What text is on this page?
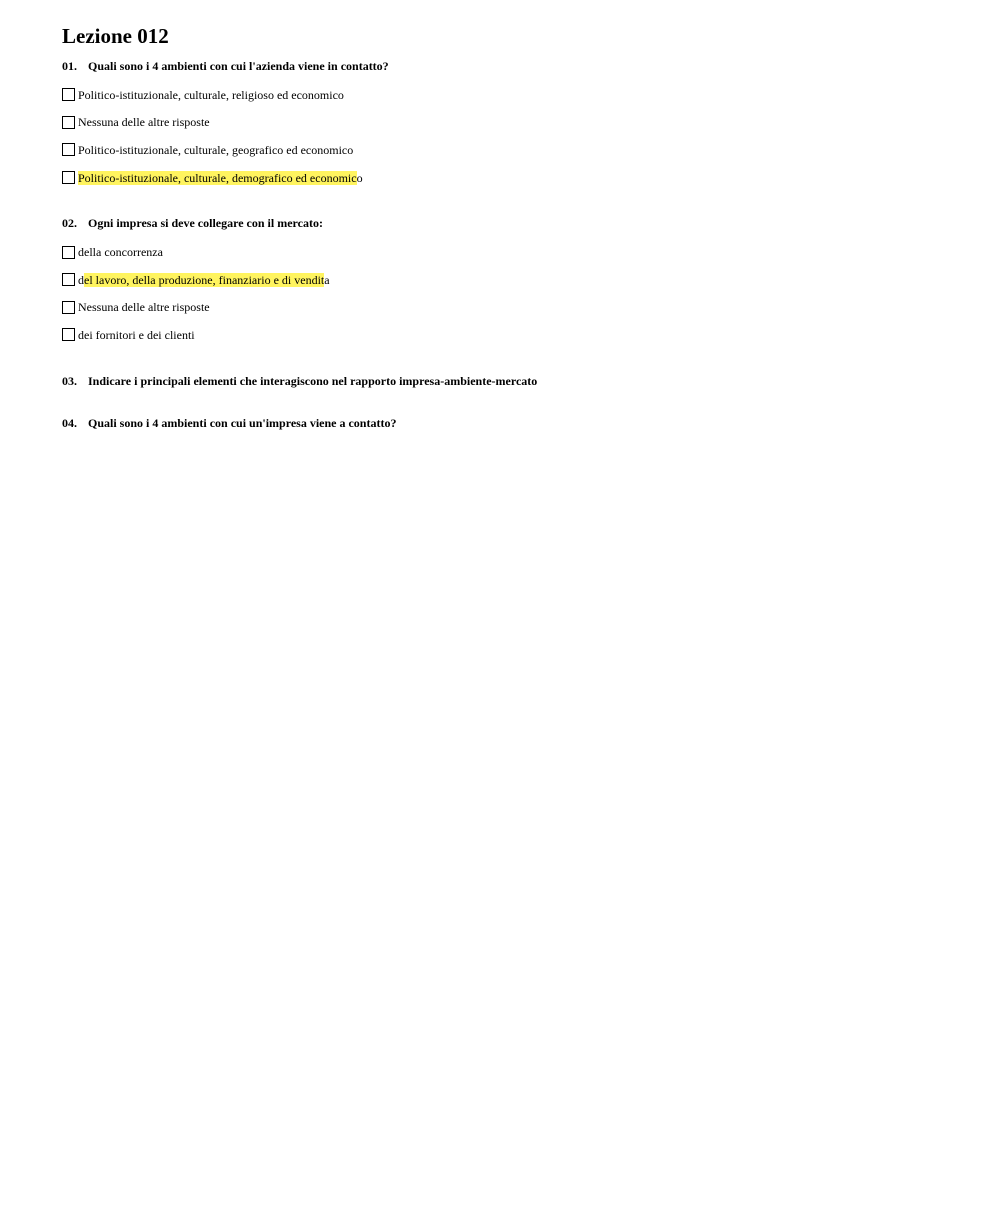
Lezione 012
01. Quali sono i 4 ambienti con cui l'azienda viene in contatto?
Politico-istituzionale, culturale, religioso ed economico
Nessuna delle altre risposte
Politico-istituzionale, culturale, geografico ed economico
Politico-istituzionale, culturale, demografico ed economico
02. Ogni impresa si deve collegare con il mercato:
della concorrenza
del lavoro, della produzione, finanziario e di vendita
Nessuna delle altre risposte
dei fornitori e dei clienti
03. Indicare i principali elementi che interagiscono nel rapporto impresa-ambiente-mercato
04. Quali sono i 4 ambienti con cui un'impresa viene a contatto?
